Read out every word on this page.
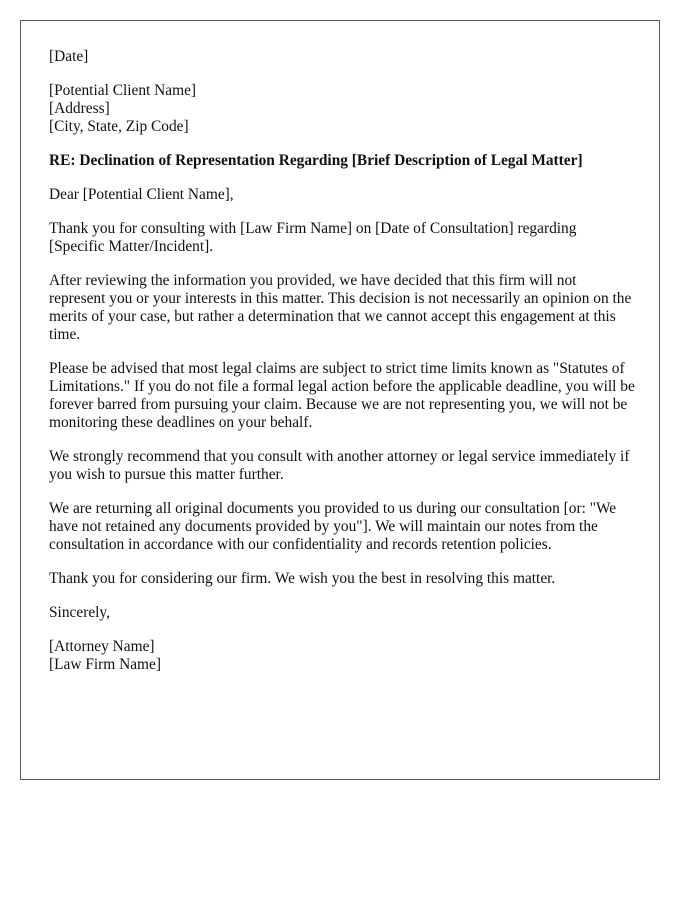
[Date]
[Potential Client Name]
[Address]
[City, State, Zip Code]
RE: Declination of Representation Regarding [Brief Description of Legal Matter]

Dear [Potential Client Name],

Thank you for consulting with [Law Firm Name] on [Date of Consultation] regarding [Specific Matter/Incident].

After reviewing the information you provided, we have decided that this firm will not represent you or your interests in this matter. This decision is not necessarily an opinion on the merits of your case, but rather a determination that we cannot accept this engagement at this time.

Please be advised that most legal claims are subject to strict time limits known as "Statutes of Limitations." If you do not file a formal legal action before the applicable deadline, you will be forever barred from pursuing your claim. Because we are not representing you, we will not be monitoring these deadlines on your behalf.

We strongly recommend that you consult with another attorney or legal service immediately if you wish to pursue this matter further.

We are returning all original documents you provided to us during our consultation [or: "We have not retained any documents provided by you"]. We will maintain our notes from the consultation in accordance with our confidentiality and records retention policies.

Thank you for considering our firm. We wish you the best in resolving this matter.

Sincerely,

[Attorney Name]
[Law Firm Name]
